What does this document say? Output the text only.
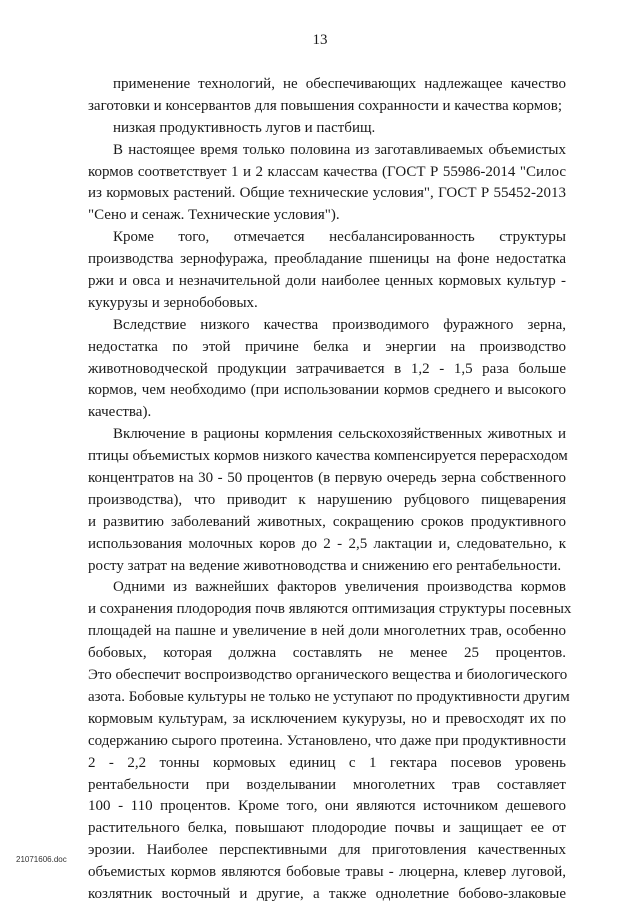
13
применение технологий, не обеспечивающих надлежащее качество
заготовки и консервантов для повышения сохранности и качества кормов;
низкая продуктивность лугов и пастбищ.
В настоящее время только половина из заготавливаемых объемистых
кормов соответствует 1 и 2 классам качества (ГОСТ Р 55986-2014 "Силос
из кормовых растений. Общие технические условия", ГОСТ Р 55452-2013
"Сено и сенаж. Технические условия").
Кроме того, отмечается несбалансированность структуры
производства зернофуража, преобладание пшеницы на фоне недостатка
ржи и овса и незначительной доли наиболее ценных кормовых культур -
кукурузы и зернобобовых.
Вследствие низкого качества производимого фуражного зерна,
недостатка по этой причине белка и энергии на производство
животноводческой продукции затрачивается в 1,2 - 1,5 раза больше
кормов, чем необходимо (при использовании кормов среднего и высокого
качества).
Включение в рационы кормления сельскохозяйственных животных и
птицы объемистых кормов низкого качества компенсируется перерасходом
концентратов на 30 - 50 процентов (в первую очередь зерна собственного
производства), что приводит к нарушению рубцового пищеварения
и развитию заболеваний животных, сокращению сроков продуктивного
использования молочных коров до 2 - 2,5 лактации и, следовательно, к
росту затрат на ведение животноводства и снижению его рентабельности.
Одними из важнейших факторов увеличения производства кормов
и сохранения плодородия почв являются оптимизация структуры посевных
площадей на пашне и увеличение в ней доли многолетних трав, особенно
бобовых, которая должна составлять не менее 25 процентов.
Это обеспечит воспроизводство органического вещества и биологического
азота. Бобовые культуры не только не уступают по продуктивности другим
кормовым культурам, за исключением кукурузы, но и превосходят их по
содержанию сырого протеина. Установлено, что даже при продуктивности
2 - 2,2 тонны кормовых единиц с 1 гектара посевов уровень
рентабельности при возделывании многолетних трав составляет
100 - 110 процентов. Кроме того, они являются источником дешевого
растительного белка, повышают плодородие почвы и защищает ее от
эрозии. Наиболее перспективными для приготовления качественных
объемистых кормов являются бобовые травы - люцерна, клевер луговой,
козлятник восточный и другие, а также однолетние бобово-злаковые
21071606.doc
